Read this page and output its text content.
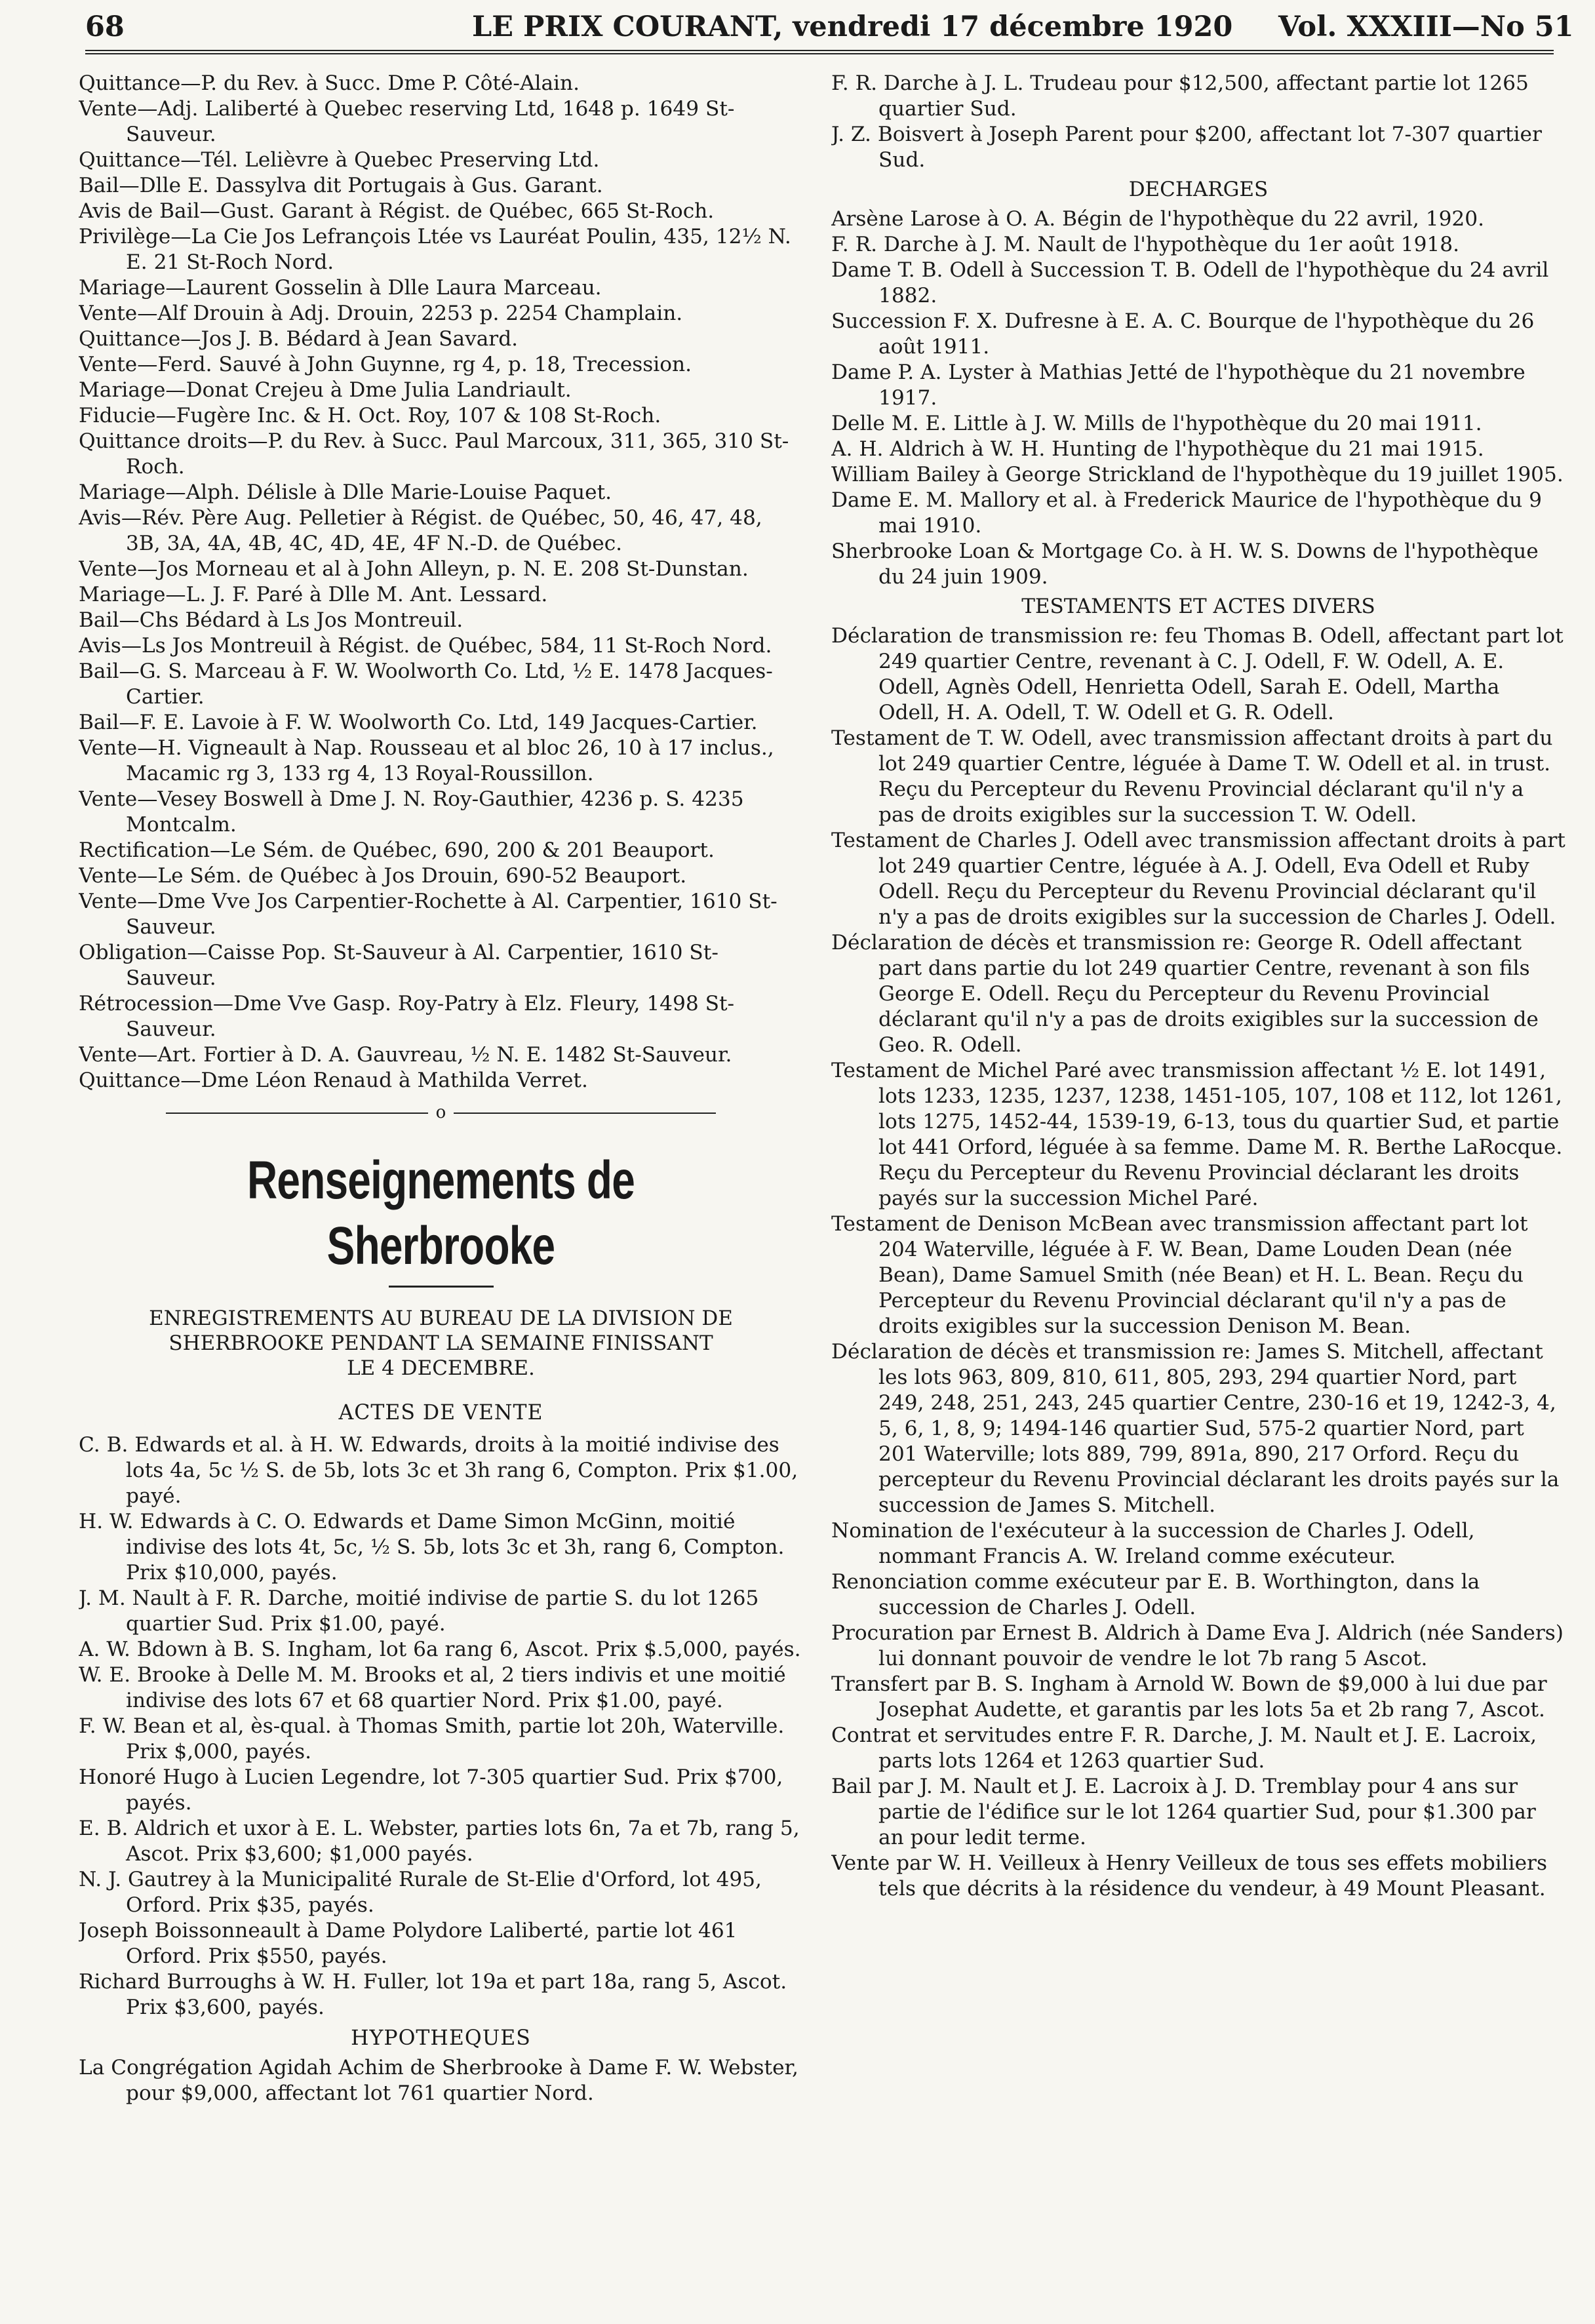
68	LE PRIX COURANT, vendredi 17 décembre 1920 Vol. XXXIII—No 51

Quittance—P. du Rev. à Succ. Dme P. Côté-Alain.

Vente—Adj. Laliberté à Quebec reserving Ltd, 1648 p. 1649 St-Sauveur.

Quittance—Tél. Lelièvre à Quebec Preserving Ltd.

Bail—Dlle E. Dassylva dit Portugais à Gus. Garant.

Avis de Bail—Gust. Garant à Régist. de Québec, 665 St-Roch.

Privilège—La Cie Jos Lefrançois Ltée vs Lauréat Poulin, 435, 12½ N. E. 21 St-Roch Nord.

Mariage—Laurent Gosselin à Dlle Laura Marceau.

Vente—Alf Drouin à Adj. Drouin, 2253 p. 2254 Champlain.

Quittance—Jos J. B. Bédard à Jean Savard.

Vente—Ferd. Sauvé à John Guynne, rg 4, p. 18, Trecession.

Mariage—Donat Crejeu à Dme Julia Landriault.

Fiducie—Fugère Inc. & H. Oct. Roy, 107 & 108 St-Roch.

Quittance droits—P. du Rev. à Succ. Paul Marcoux, 311, 365, 310 St-Roch.

Mariage—Alph. Délisle à Dlle Marie-Louise Paquet.

Avis—Rév. Père Aug. Pelletier à Régist. de Québec, 50, 46, 47, 48, 3B, 3A, 4A, 4B, 4C, 4D, 4E, 4F N.-D. de Québec.

Vente—Jos Morneau et al à John Alleyn, p. N. E. 208 St-Dunstan.

Mariage—L. J. F. Paré à Dlle M. Ant. Lessard.

Bail—Chs Bédard à Ls Jos Montreuil.

Avis—Ls Jos Montreuil à Régist. de Québec, 584, 11 St-Roch Nord.

Bail—G. S. Marceau à F. W. Woolworth Co. Ltd, ½ E. 1478 Jacques-Cartier.

Bail—F. E. Lavoie à F. W. Woolworth Co. Ltd, 149 Jacques-Cartier.

Vente—H. Vigneault à Nap. Rousseau et al bloc 26, 10 à 17 inclus., Macamic rg 3, 133 rg 4, 13 Royal-Roussillon.

Vente—Vesey Boswell à Dme J. N. Roy-Gauthier, 4236 p. S. 4235 Montcalm.

Rectification—Le Sém. de Québec, 690, 200 & 201 Beauport.

Vente—Le Sém. de Québec à Jos Drouin, 690-52 Beauport.

Vente—Dme Vve Jos Carpentier-Rochette à Al. Carpentier, 1610 St-Sauveur.

Obligation—Caisse Pop. St-Sauveur à Al. Carpentier, 1610 St-Sauveur.

Rétrocession—Dme Vve Gasp. Roy-Patry à Elz. Fleury, 1498 St-Sauveur.

Vente—Art. Fortier à D. A. Gauvreau, ½ N. E. 1482 St-Sauveur.

Quittance—Dme Léon Renaud à Mathilda Verret.

o
Renseignements de Sherbrooke
ENREGISTREMENTS AU BUREAU DE LA DIVISION DE
SHERBROOKE PENDANT LA SEMAINE FINISSANT
LE 4 DECEMBRE.
ACTES DE VENTE

C. B. Edwards et al. à H. W. Edwards, droits à la moitié indivise des lots 4a, 5c ½ S. de 5b, lots 3c et 3h rang 6, Compton. Prix $1.00, payé.

H. W. Edwards à C. O. Edwards et Dame Simon McGinn, moitié indivise des lots 4t, 5c, ½ S. 5b, lots 3c et 3h, rang 6, Compton. Prix $10,000, payés.

J. M. Nault à F. R. Darche, moitié indivise de partie S. du lot 1265 quartier Sud. Prix $1.00, payé.

A. W. Bdown à B. S. Ingham, lot 6a rang 6, Ascot. Prix $.5,000, payés.

W. E. Brooke à Delle M. M. Brooks et al, 2 tiers indivis et une moitié indivise des lots 67 et 68 quartier Nord. Prix $1.00, payé.

F. W. Bean et al, ès-qual. à Thomas Smith, partie lot 20h, Waterville. Prix $,000, payés.

Honoré Hugo à Lucien Legendre, lot 7-305 quartier Sud. Prix $700, payés.

E. B. Aldrich et uxor à E. L. Webster, parties lots 6n, 7a et 7b, rang 5, Ascot. Prix $3,600; $1,000 payés.

N. J. Gautrey à la Municipalité Rurale de St-Elie d'Orford, lot 495, Orford. Prix $35, payés.

Joseph Boissonneault à Dame Polydore Laliberté, partie lot 461 Orford. Prix $550, payés.

Richard Burroughs à W. H. Fuller, lot 19a et part 18a, rang 5, Ascot. Prix $3,600, payés.

HYPOTHEQUES

La Congrégation Agidah Achim de Sherbrooke à Dame F. W. Webster, pour $9,000, affectant lot 761 quartier Nord.

F. R. Darche à J. L. Trudeau pour $12,500, affectant partie lot 1265 quartier Sud.

J. Z. Boisvert à Joseph Parent pour $200, affectant lot 7-307 quartier Sud.

DECHARGES

Arsène Larose à O. A. Bégin de l'hypothèque du 22 avril, 1920.

F. R. Darche à J. M. Nault de l'hypothèque du 1er août 1918.

Dame T. B. Odell à Succession T. B. Odell de l'hypothèque du 24 avril 1882.

Succession F. X. Dufresne à E. A. C. Bourque de l'hypothèque du 26 août 1911.

Dame P. A. Lyster à Mathias Jetté de l'hypothèque du 21 novembre 1917.

Delle M. E. Little à J. W. Mills de l'hypothèque du 20 mai 1911.

A. H. Aldrich à W. H. Hunting de l'hypothèque du 21 mai 1915.

William Bailey à George Strickland de l'hypothèque du 19 juillet 1905.

Dame E. M. Mallory et al. à Frederick Maurice de l'hypothèque du 9 mai 1910.

Sherbrooke Loan & Mortgage Co. à H. W. S. Downs de l'hypothèque du 24 juin 1909.

TESTAMENTS ET ACTES DIVERS

Déclaration de transmission re: feu Thomas B. Odell, affectant part lot 249 quartier Centre, revenant à C. J. Odell, F. W. Odell, A. E. Odell, Agnès Odell, Henrietta Odell, Sarah E. Odell, Martha Odell, H. A. Odell, T. W. Odell et G. R. Odell.

Testament de T. W. Odell, avec transmission affectant droits à part du lot 249 quartier Centre, léguée à Dame T. W. Odell et al. in trust. Reçu du Percepteur du Revenu Provincial déclarant qu'il n'y a pas de droits exigibles sur la succession T. W. Odell.

Testament de Charles J. Odell avec transmission affectant droits à part lot 249 quartier Centre, léguée à A. J. Odell, Eva Odell et Ruby Odell. Reçu du Percepteur du Revenu Provincial déclarant qu'il n'y a pas de droits exigibles sur la succession de Charles J. Odell.

Déclaration de décès et transmission re: George R. Odell affectant part dans partie du lot 249 quartier Centre, revenant à son fils George E. Odell. Reçu du Percepteur du Revenu Provincial déclarant qu'il n'y a pas de droits exigibles sur la succession de Geo. R. Odell.

Testament de Michel Paré avec transmission affectant ½ E. lot 1491, lots 1233, 1235, 1237, 1238, 1451-105, 107, 108 et 112, lot 1261, lots 1275, 1452-44, 1539-19, 6-13, tous du quartier Sud, et partie lot 441 Orford, léguée à sa femme. Dame M. R. Berthe LaRocque. Reçu du Percepteur du Revenu Provincial déclarant les droits payés sur la succession Michel Paré.

Testament de Denison McBean avec transmission affectant part lot 204 Waterville, léguée à F. W. Bean, Dame Louden Dean (née Bean), Dame Samuel Smith (née Bean) et H. L. Bean. Reçu du Percepteur du Revenu Provincial déclarant qu'il n'y a pas de droits exigibles sur la succession Denison M. Bean.

Déclaration de décès et transmission re: James S. Mitchell, affectant les lots 963, 809, 810, 611, 805, 293, 294 quartier Nord, part 249, 248, 251, 243, 245 quartier Centre, 230-16 et 19, 1242-3, 4, 5, 6, 1, 8, 9; 1494-146 quartier Sud, 575-2 quartier Nord, part 201 Waterville; lots 889, 799, 891a, 890, 217 Orford. Reçu du percepteur du Revenu Provincial déclarant les droits payés sur la succession de James S. Mitchell.

Nomination de l'exécuteur à la succession de Charles J. Odell, nommant Francis A. W. Ireland comme exécuteur.

Renonciation comme exécuteur par E. B. Worthington, dans la succession de Charles J. Odell.

Procuration par Ernest B. Aldrich à Dame Eva J. Aldrich (née Sanders) lui donnant pouvoir de vendre le lot 7b rang 5 Ascot.

Transfert par B. S. Ingham à Arnold W. Bown de $9,000 à lui due par Josephat Audette, et garantis par les lots 5a et 2b rang 7, Ascot.

Contrat et servitudes entre F. R. Darche, J. M. Nault et J. E. Lacroix, parts lots 1264 et 1263 quartier Sud.

Bail par J. M. Nault et J. E. Lacroix à J. D. Tremblay pour 4 ans sur partie de l'édifice sur le lot 1264 quartier Sud, pour $1.300 par an pour ledit terme.

Vente par W. H. Veilleux à Henry Veilleux de tous ses effets mobiliers tels que décrits à la résidence du vendeur, à 49 Mount Pleasant.
